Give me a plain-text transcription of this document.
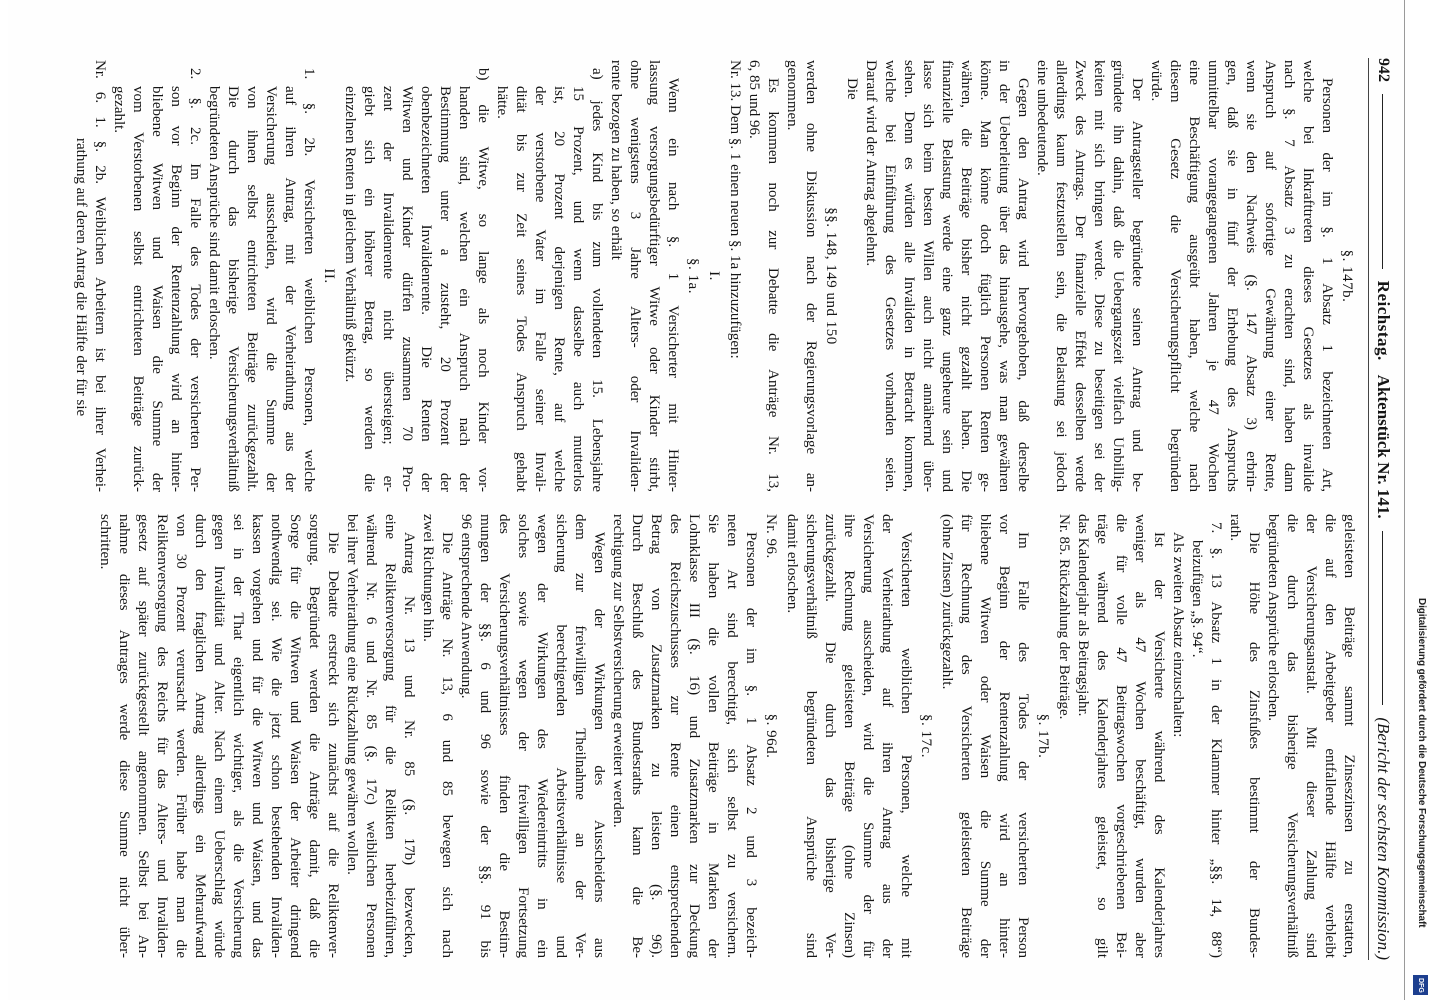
942
Reichstag.
Aktenstück Nr. 141.
(Bericht der sechsten Kommission.)
§. 147b.
Personen der im §. 1 Absatz 1 bezeichneten Art,
welche bei Inkrafttreten dieses Gesetzes als invalide
nach §. 7 Absatz 3 zu erachten sind, haben dann
Anspruch auf sofortige Gewährung einer Rente,
wenn sie den Nachweis (§. 147 Absatz 3) erbrin-
gen, daß sie in fünf der Erhebung des Anspruchs
unmittelbar vorangegangenen Jahren je 47 Wochen
eine Beschäftigung ausgeübt haben, welche nach
diesem Gesetz die Versicherungspflicht begründen
würde.
Der Antragsteller begründete seinen Antrag und be-
gründete ihn dahin, daß die Uebergangszeit vielfach Unbillig-
keiten mit sich bringen werde. Diese zu beseitigen sei der
Zweck des Antrags. Der finanzielle Effekt desselben werde
allerdings kaum festzustellen sein, die Belastung sei jedoch
eine unbedeutende.
Gegen den Antrag wird hervorgehoben, daß derselbe
in der Ueberleitung über das hinausgehe, was man gewähren
könne. Man könne doch füglich Personen Renten ge-
währen, die Beiträge bisher nicht gezahlt haben. Die
finanzielle Belastung werde eine ganz ungeheure sein und
lasse sich beim besten Willen auch nicht annähernd über-
sehen. Denn es würden alle Invaliden in Betracht kommen,
welche bei Einführung des Gesetzes vorhanden seien.
Darauf wird der Antrag abgelehnt.
Die
§§. 148, 149 und 150
werden ohne Diskussion nach der Regierungsvorlage an-
genommen.
Es kommen noch zur Debatte die Anträge Nr. 13,
6, 85 und 96.
Nr. 13. Dem §. 1 einen neuen §. 1a hinzuzufügen:
I.
§. 1a.
Wenn ein nach §. 1 Versicherter mit Hinter-
lassung versorgungsbedürftiger Witwe oder Kinder stirbt,
ohne wenigstens 3 Jahre Alters- oder Invaliden-
rente bezogen zu haben, so erhält
a) jedes Kind bis zum vollendeten 15. Lebensjahre
15 Prozent, und wenn dasselbe auch mutterlos
ist, 20 Prozent derjenigen Rente, auf welche
der verstorbene Vater im Falle seiner Invali-
dität bis zur Zeit seines Todes Anspruch gehabt
hätte.
b) die Witwe, so lange als noch Kinder vor-
handen sind, welchen ein Anspruch nach der
Bestimmung unter a zusteht, 20 Prozent der
obenbezeichneten Invalidenrente. Die Renten der
Witwen und Kinder dürfen zusammen 70 Pro-
zent der Invalidenrente nicht übersteigen; er-
giebt sich ein höherer Betrag, so werden die
einzelnen Renten in gleichem Verhältniß gekürzt.
II.
1. §. 2b. Versicherten weiblichen Personen, welche
auf ihren Antrag, mit der Verheirathung aus der
Versicherung ausscheiden, wird die Summe der
von ihnen selbst entrichteten Beiträge zurückgezahlt.
Die durch das bisherige Versicherungsverhältniß
begründeten Ansprüche sind damit erloschen.
2. §. 2c. Im Falle des Todes der versicherten Per-
son vor Beginn der Rentenzahlung wird an hinter-
bliebene Witwen und Waisen die Summe der
vom Verstorbenen selbst entrichteten Beiträge zurück-
gezahlt.
Nr. 6. 1. §. 2b. Weiblichen Arbeitern ist bei ihrer Verhei-
rathung auf deren Antrag die Hälfte der für sie
geleisteten Beiträge sammt Zinseszinsen zu erstatten,
die auf den Arbeitgeber entfallende Hälfte verbleibt
der Versicherungsanstalt. Mit dieser Zahlung sind
die durch das bisherige Versicherungsverhältniß
begründeten Ansprüche erloschen.
Die Höhe des Zinsfußes bestimmt der Bundes-
rath.
7. §. 13 Absatz 1 in der Klammer hinter „§§. 14, 88“)
beizufügen „§. 94“.
Als zweiten Absatz einzuschalten:
Ist der Versicherte während des Kalenderjahres
weniger als 47 Wochen beschäftigt, wurden aber
die für volle 47 Beitragswochen vorgeschriebenen Bei-
träge während des Kalenderjahres geleistet, so gilt
das Kalenderjahr als Beitragsjahr.
Nr. 85. Rückzahlung der Beiträge.
§. 17b.
Im Falle des Todes der versicherten Person
vor Beginn der Rentenzahlung wird an hinter-
bliebene Witwen oder Waisen die Summe der
für Rechnung des Versicherten geleisteten Beiträge
(ohne Zinsen) zurückgezahlt.
§. 17c.
Versicherten weiblichen Personen, welche mit
der Verheirathung auf ihren Antrag aus der
Versicherung ausscheiden, wird die Summe der für
ihre Rechnung geleisteten Beiträge (ohne Zinsen)
zurückgezahlt. Die durch das bisherige Ver-
sicherungsverhältniß begründeten Ansprüche sind
damit erloschen.
Nr. 96.
§. 96d.
Personen der im §. 1 Absatz 2 und 3 bezeich-
neten Art sind berechtigt, sich selbst zu versichern.
Sie haben die vollen Beiträge in Marken der
Lohnklasse III (§. 16) und Zusatzmarken zur Deckung
des Reichszuschusses zur Rente einen entsprechenden
Betrag von Zusatzmarken zu leisten (§. 96).
Durch Beschluß des Bundesraths kann die Be-
rechtigung zur Selbstversicherung erweitert werden.
Wegen der Wirkungen des Ausscheidens aus
dem zur freiwilligen Theilnahme an der Ver-
sicherung berechtigenden Arbeitsverhältnisse und
wegen der Wirkungen des Wiedereintritts in ein
solches sowie wegen der freiwilligen Fortsetzung
des Versicherungsverhältnisses finden die Bestim-
mungen der §§. 6 und 96 sowie der §§. 91 bis
96 entsprechende Anwendung.
Die Anträge Nr. 13, 6 und 85 bewegen sich nach
zwei Richtungen hin.
Antrag Nr. 13 und Nr. 85 (§. 17b) bezwecken,
eine Reliktenversorgung für die Relikten herbeizuführen,
während Nr. 6 und Nr. 85 (§. 17c) weiblichen Personen
bei ihrer Verheirathung eine Rückzahlung gewähren wollen.
Die Debatte erstreckt sich zunächst auf die Reliktenver-
sorgung. Begründet werden die Anträge damit, daß die
Sorge für die Witwen und Waisen der Arbeiter dringend
nothwendig sei. Wie die jetzt schon bestehenden Invaliden-
kassen vorgehen und für die Witwen und Waisen, und das
sei in der That eigentlich wichtiger, als die Versicherung
gegen Invalidität und Alter. Nach einem Ueberschlag würde
durch den fraglichen Antrag allerdings ein Mehraufwand
von 30 Prozent verursacht werden. Früher habe man die
Reliktenversorgung des Reichs für das Alters- und Invaliden-
gesetz auf später zurückgestellt angenommen. Selbst bei An-
nahme dieses Antrages werde diese Summe nicht über-
schritten.
Digitalisierung gefördert durch die Deutsche Forschungsgemeinschaft
DFG
